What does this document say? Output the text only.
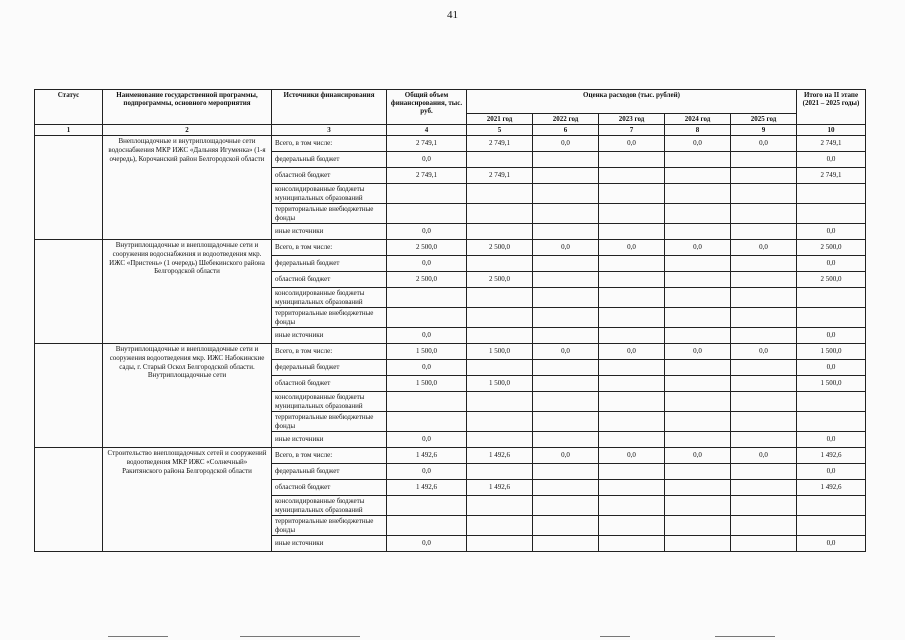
41
Статус	Наименование государственной программы, подпрограммы, основного мероприятия	Источники финансирования	Общий объем финансирования, тыс. руб.	Оценка расходов (тыс. рублей)					Итого на II этапе (2021 – 2025 годы)
				2021 год	2022 год	2023 год	2024 год	2025 год	
1	2	3	4	5	6	7	8	9	10
	Внеплощадочные и внутриплощадочные сети водоснабжения МКР ИЖС «Дальняя Игуменка» (1-я очередь), Корочанский район Белгородской области	Всего, в том числе:	2 749,1	2 749,1	0,0	0,0	0,0	0,0	2 749,1
		федеральный бюджет	0,0						0,0
		областной бюджет	2 749,1	2 749,1					2 749,1
		консолидированные бюджеты муниципальных образований							
		территориальные внебюджетные фонды							
		иные источники	0,0						0,0
	Внутриплощадочные и внеплощадочные сети и сооружения водоснабжения и водоотведения мкр. ИЖС «Пристень» (1 очередь) Шебекинского района Белгородской области	Всего, в том числе:	2 500,0	2 500,0	0,0	0,0	0,0	0,0	2 500,0
		федеральный бюджет	0,0						0,0
		областной бюджет	2 500,0	2 500,0					2 500,0
		консолидированные бюджеты муниципальных образований							
		территориальные внебюджетные фонды							
		иные источники	0,0						0,0
	Внутриплощадочные и внеплощадочные сети и сооружения водоотведения мкр. ИЖС Набокинские сады, г. Старый Оскол Белгородской области. Внутриплощадочные сети	Всего, в том числе:	1 500,0	1 500,0	0,0	0,0	0,0	0,0	1 500,0
		федеральный бюджет	0,0						0,0
		областной бюджет	1 500,0	1 500,0					1 500,0
		консолидированные бюджеты муниципальных образований							
		территориальные внебюджетные фонды							
		иные источники	0,0						0,0
	Строительство внеплощадочных сетей и сооружений водоотведения МКР ИЖС «Солнечный» Ракитянского района Белгородской области	Всего, в том числе:	1 492,6	1 492,6	0,0	0,0	0,0	0,0	1 492,6
		федеральный бюджет	0,0						0,0
		областной бюджет	1 492,6	1 492,6					1 492,6
		консолидированные бюджеты муниципальных образований							
		территориальные внебюджетные фонды							
		иные источники	0,0						0,0
